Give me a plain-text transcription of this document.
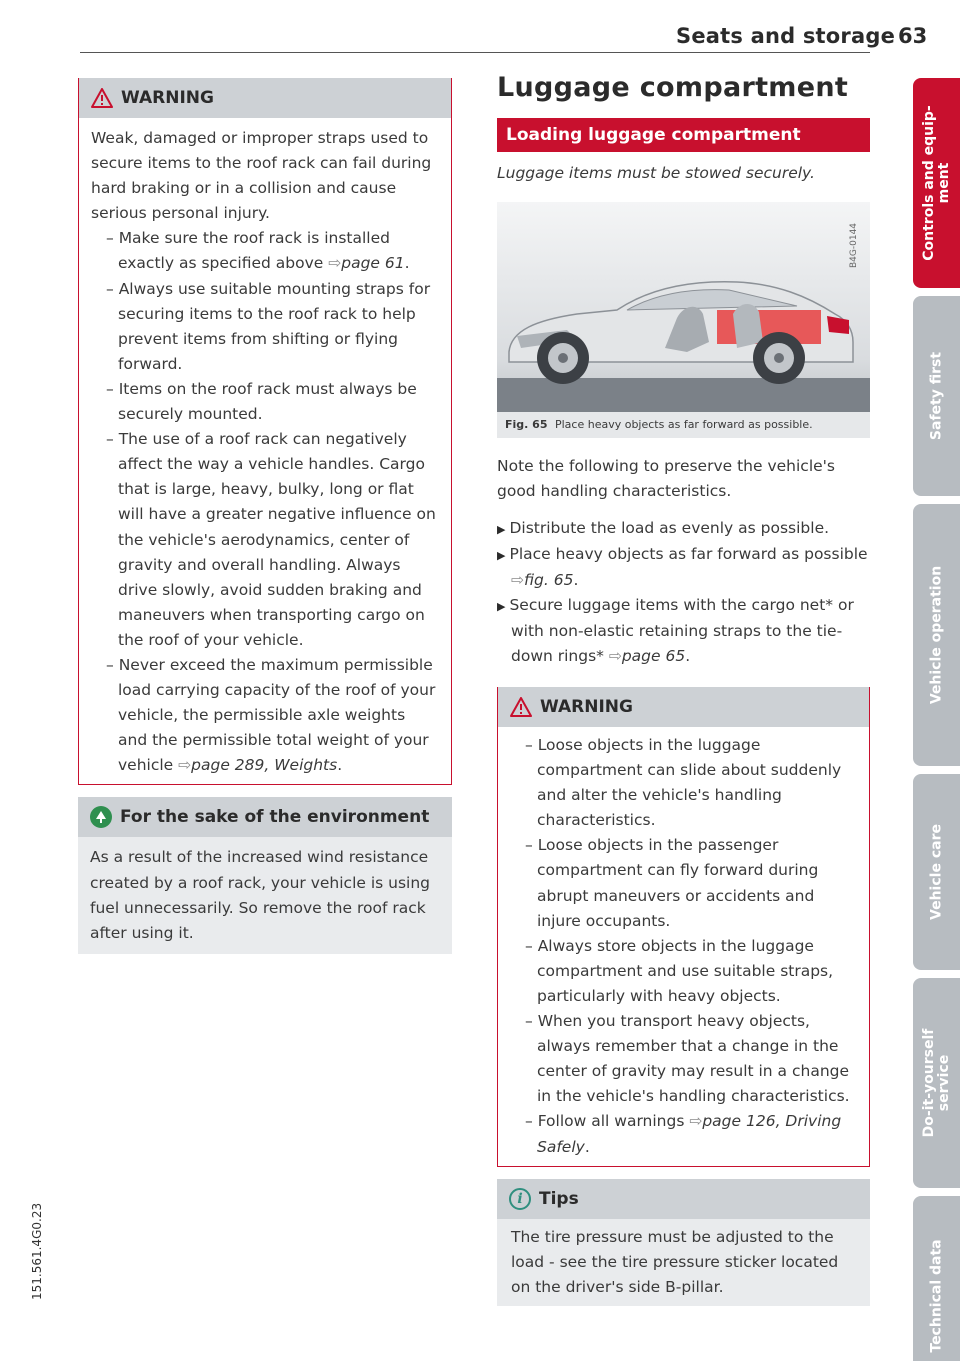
Seats and storage 63
Controls and equip-
ment
Safety first
Vehicle operation
Vehicle care
Do-it-yourself
service
Technical data
151.561.4G0.23
WARNING
Weak, damaged or improper straps used to secure items to the roof rack can fail during hard braking or in a collision and cause serious personal injury.
– Make sure the roof rack is installed exactly as specified above ⇨page 61.
– Always use suitable mounting straps for securing items to the roof rack to help prevent items from shifting or flying forward.
– Items on the roof rack must always be securely mounted.
– The use of a roof rack can negatively affect the way a vehicle handles. Cargo that is large, heavy, bulky, long or flat will have a greater negative influence on the vehicle's aerodynamics, center of gravity and overall handling. Always drive slowly, avoid sudden braking and maneuvers when transporting cargo on the roof of your vehicle.
– Never exceed the maximum permissible load carrying capacity of the roof of your vehicle, the permissible axle weights and the permissible total weight of your vehicle ⇨page 289, Weights.
For the sake of the environment
As a result of the increased wind resistance created by a roof rack, your vehicle is using fuel unnecessarily. So remove the roof rack after using it.
Luggage compartment
Loading luggage compartment
Luggage items must be stowed securely.
B4G-0144
Fig. 65 Place heavy objects as far forward as possible.
Note the following to preserve the vehicle's good handling characteristics.
▶ Distribute the load as evenly as possible.
▶ Place heavy objects as far forward as possible ⇨fig. 65.
▶ Secure luggage items with the cargo net* or with non-elastic retaining straps to the tie-down rings* ⇨page 65.
WARNING
– Loose objects in the luggage compartment can slide about suddenly and alter the vehicle's handling characteristics.
– Loose objects in the passenger compartment can fly forward during abrupt maneuvers or accidents and injure occupants.
– Always store objects in the luggage compartment and use suitable straps, particularly with heavy objects.
– When you transport heavy objects, always remember that a change in the center of gravity may result in a change in the vehicle's handling characteristics.
– Follow all warnings ⇨page 126, Driving Safely.
i Tips
The tire pressure must be adjusted to the load - see the tire pressure sticker located on the driver's side B-pillar.
